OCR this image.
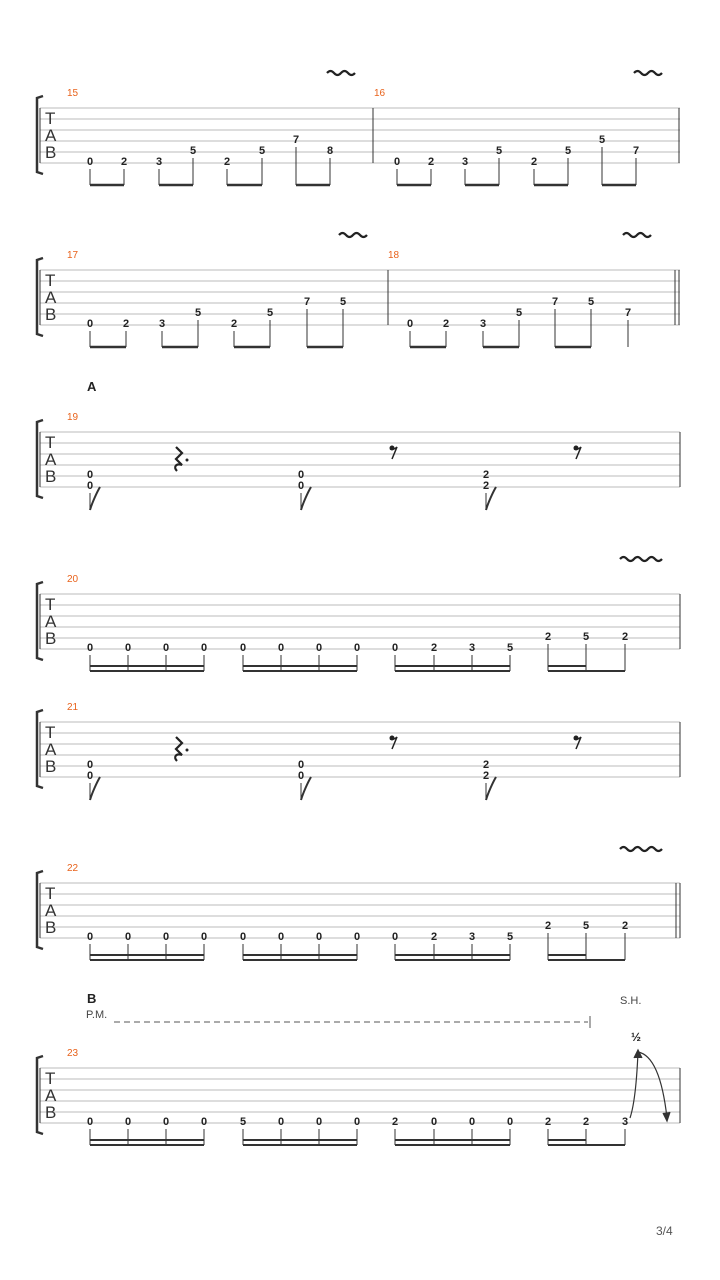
T
A
B
15	16
0	2	3
5
2
5
7
8
0	2	3
5
2
5
5
7
T
A
B
17	18
0	2	3
5
2
5
7	5
0	2	3
5
7	5
7
A
T
A
B
19
0
0
0
0
2
2
T
A
B
20
0	0	0	0	0	0	0	0	0	2	3	5
2	5	2
T
A
B
21
0
0
0
0
2
2
T
A
B
22
0	0	0	0	0	0	0	0	0	2	3	5
2	5	2
B
P.M.
S.H.
½
T
A
B
23
0	0	0	0	5	0	0	0	2	0	0	0	2	2	3
3/4
